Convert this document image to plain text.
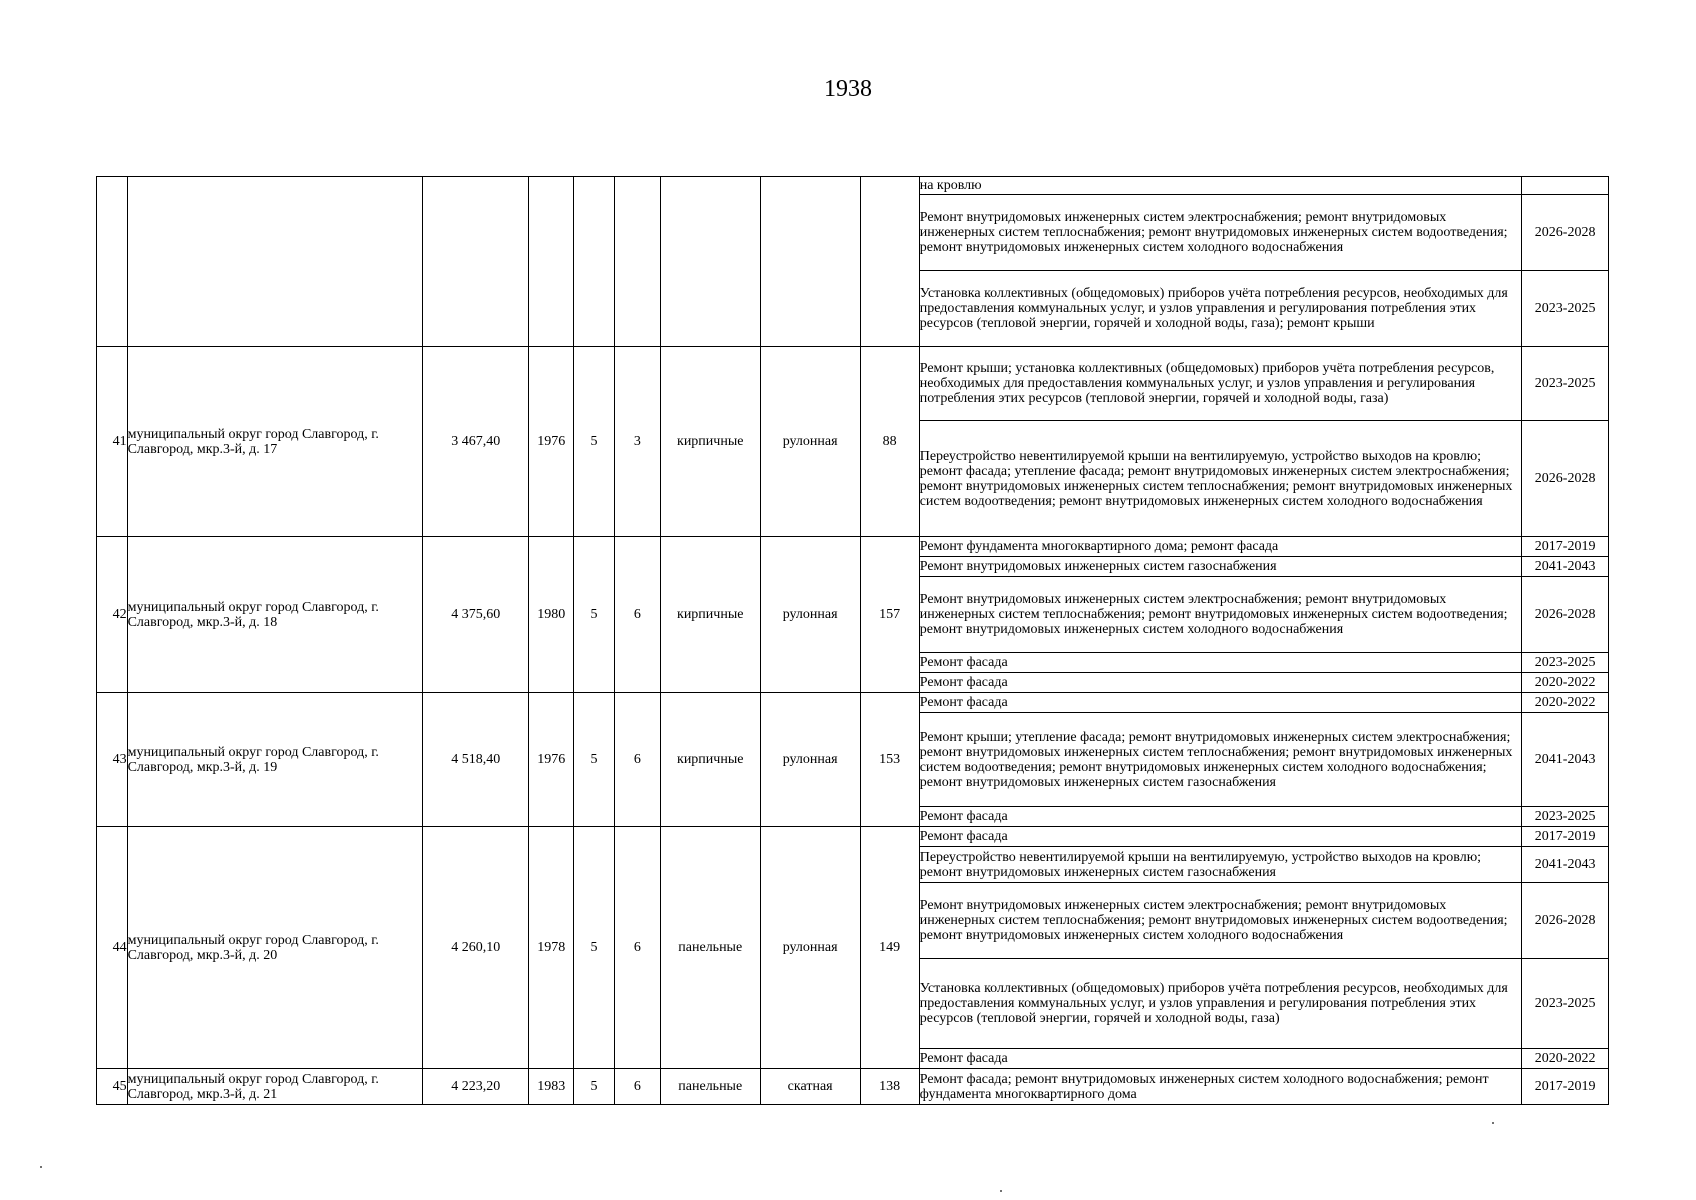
1938
									на кровлю	
									Ремонт внутридомовых инженерных систем электроснабжения; ремонт внутридомовых инженерных систем теплоснабжения; ремонт внутридомовых инженерных систем водоотведения; ремонт внутридомовых инженерных систем холодного водоснабжения	2026-2028
									Установка коллективных (общедомовых) приборов учёта потребления ресурсов, необходимых для предоставления коммунальных услуг, и узлов управления и регулирования потребления этих ресурсов (тепловой энергии, горячей и холодной воды, газа); ремонт крыши	2023-2025
41	муниципальный округ город Славгород, г. Славгород, мкр.3-й, д. 17	3 467,40	1976	5	3	кирпичные	рулонная	88	Ремонт крыши; установка коллективных (общедомовых) приборов учёта потребления ресурсов, необходимых для предоставления коммунальных услуг, и узлов управления и регулирования потребления этих ресурсов (тепловой энергии, горячей и холодной воды, газа)	2023-2025
									Переустройство невентилируемой крыши на вентилируемую, устройство выходов на кровлю; ремонт фасада; утепление фасада; ремонт внутридомовых инженерных систем электроснабжения; ремонт внутридомовых инженерных систем теплоснабжения; ремонт внутридомовых инженерных систем водоотведения; ремонт внутридомовых инженерных систем холодного водоснабжения	2026-2028
42	муниципальный округ город Славгород, г. Славгород, мкр.3-й, д. 18	4 375,60	1980	5	6	кирпичные	рулонная	157	Ремонт фундамента многоквартирного дома; ремонт фасада	2017-2019
									Ремонт внутридомовых инженерных систем газоснабжения	2041-2043
									Ремонт внутридомовых инженерных систем электроснабжения; ремонт внутридомовых инженерных систем теплоснабжения; ремонт внутридомовых инженерных систем водоотведения; ремонт внутридомовых инженерных систем холодного водоснабжения	2026-2028
									Ремонт фасада	2023-2025
									Ремонт фасада	2020-2022
43	муниципальный округ город Славгород, г. Славгород, мкр.3-й, д. 19	4 518,40	1976	5	6	кирпичные	рулонная	153	Ремонт фасада	2020-2022
									Ремонт крыши; утепление фасада; ремонт внутридомовых инженерных систем электроснабжения; ремонт внутридомовых инженерных систем теплоснабжения; ремонт внутридомовых инженерных систем водоотведения; ремонт внутридомовых инженерных систем холодного водоснабжения; ремонт внутридомовых инженерных систем газоснабжения	2041-2043
									Ремонт фасада	2023-2025
44	муниципальный округ город Славгород, г. Славгород, мкр.3-й, д. 20	4 260,10	1978	5	6	панельные	рулонная	149	Ремонт фасада	2017-2019
									Переустройство невентилируемой крыши на вентилируемую, устройство выходов на кровлю; ремонт внутридомовых инженерных систем газоснабжения	2041-2043
									Ремонт внутридомовых инженерных систем электроснабжения; ремонт внутридомовых инженерных систем теплоснабжения; ремонт внутридомовых инженерных систем водоотведения; ремонт внутридомовых инженерных систем холодного водоснабжения	2026-2028
									Установка коллективных (общедомовых) приборов учёта потребления ресурсов, необходимых для предоставления коммунальных услуг, и узлов управления и регулирования потребления этих ресурсов (тепловой энергии, горячей и холодной воды, газа)	2023-2025
									Ремонт фасада	2020-2022
45	муниципальный округ город Славгород, г. Славгород, мкр.3-й, д. 21	4 223,20	1983	5	6	панельные	скатная	138	Ремонт фасада; ремонт внутридомовых инженерных систем холодного водоснабжения; ремонт фундамента многоквартирного дома	2017-2019
